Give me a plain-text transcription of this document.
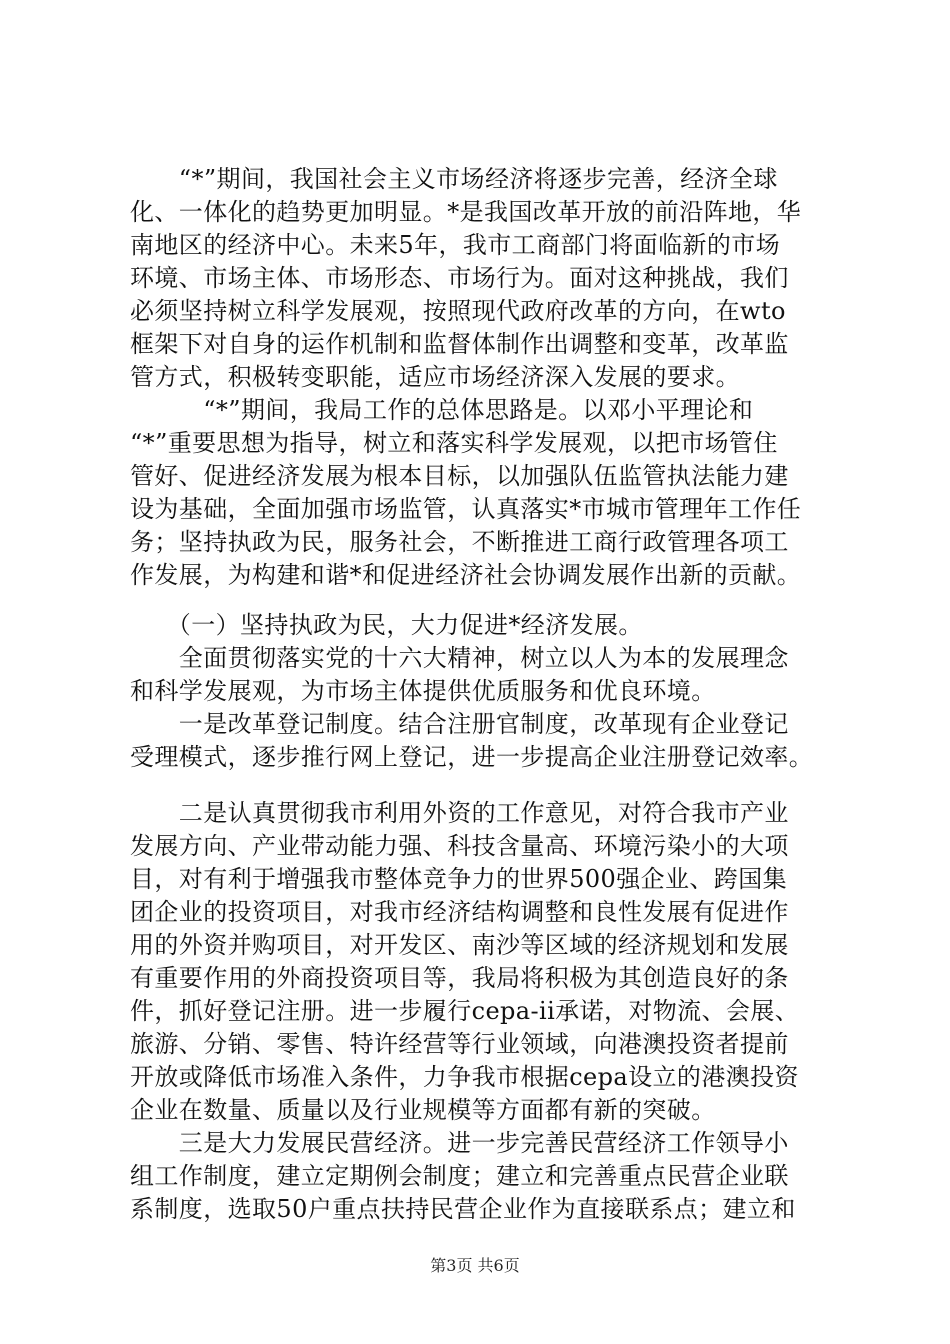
　　“*”期间，我国社会主义市场经济将逐步完善，经济全球
化、一体化的趋势更加明显。*是我国改革开放的前沿阵地，华
南地区的经济中心。未来5年，我市工商部门将面临新的市场
环境、市场主体、市场形态、市场行为。面对这种挑战，我们
必须坚持树立科学发展观，按照现代政府改革的方向，在wto
框架下对自身的运作机制和监督体制作出调整和变革，改革监
管方式，积极转变职能，适应市场经济深入发展的要求。
　　　“*”期间，我局工作的总体思路是。以邓小平理论和
“*”重要思想为指导，树立和落实科学发展观，以把市场管住
管好、促进经济发展为根本目标，以加强队伍监管执法能力建
设为基础，全面加强市场监管，认真落实*市城市管理年工作任
务；坚持执政为民，服务社会，不断推进工商行政管理各项工
作发展，为构建和谐*和促进经济社会协调发展作出新的贡献。
　　（一）坚持执政为民，大力促进*经济发展。
　　全面贯彻落实党的十六大精神，树立以人为本的发展理念
和科学发展观，为市场主体提供优质服务和优良环境。
　　一是改革登记制度。结合注册官制度，改革现有企业登记
受理模式，逐步推行网上登记，进一步提高企业注册登记效率。
　　二是认真贯彻我市利用外资的工作意见，对符合我市产业
发展方向、产业带动能力强、科技含量高、环境污染小的大项
目，对有利于增强我市整体竞争力的世界500强企业、跨国集
团企业的投资项目，对我市经济结构调整和良性发展有促进作
用的外资并购项目，对开发区、南沙等区域的经济规划和发展
有重要作用的外商投资项目等，我局将积极为其创造良好的条
件，抓好登记注册。进一步履行cepa-ii承诺，对物流、会展、
旅游、分销、零售、特许经营等行业领域，向港澳投资者提前
开放或降低市场准入条件，力争我市根据cepa设立的港澳投资
企业在数量、质量以及行业规模等方面都有新的突破。
　　三是大力发展民营经济。进一步完善民营经济工作领导小
组工作制度，建立定期例会制度；建立和完善重点民营企业联
系制度，选取50户重点扶持民营企业作为直接联系点；建立和
第3页 共6页
